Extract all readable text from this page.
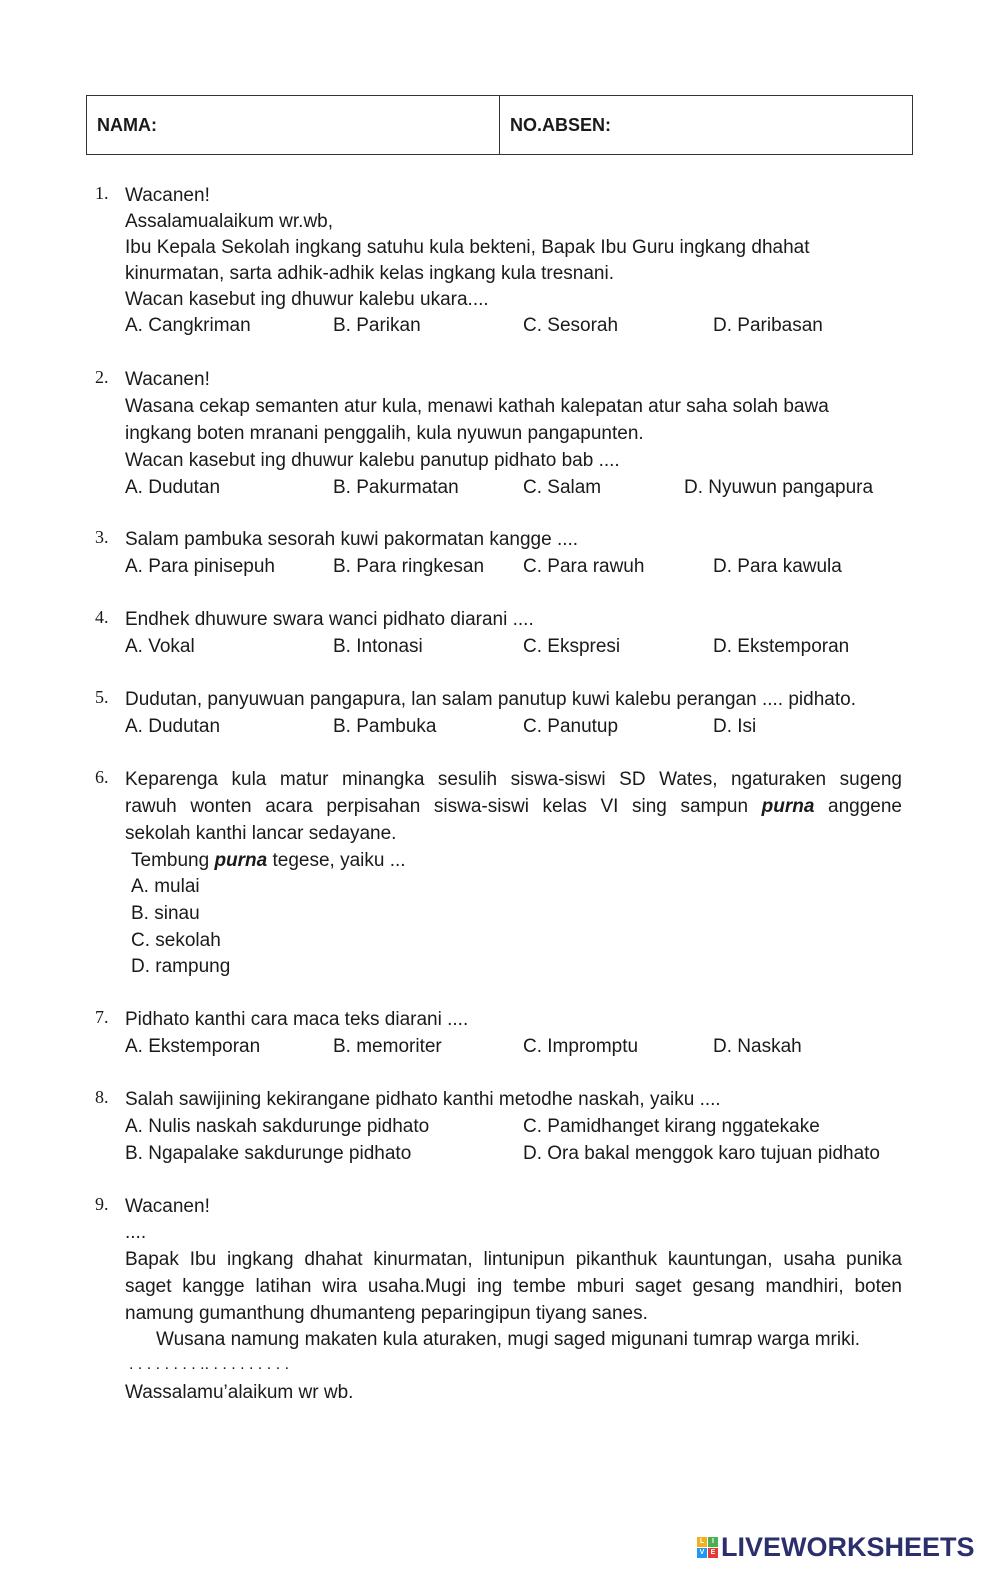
NAMA:	NO.ABSEN:
1. Wacanen!
Assalamualaikum wr.wb,
Ibu Kepala Sekolah ingkang satuhu kula bekteni, Bapak Ibu Guru ingkang dhahat
kinurmatan, sarta adhik-adhik kelas ingkang kula tresnani.
Wacan kasebut ing dhuwur kalebu ukara....
A. Cangkriman	B. Parikan	C. Sesorah	D. Paribasan
2. Wacanen!
Wasana cekap semanten atur kula, menawi kathah kalepatan atur saha solah bawa
ingkang boten mranani penggalih, kula nyuwun pangapunten.
Wacan kasebut ing dhuwur kalebu panutup pidhato bab ....
A. Dudutan	B. Pakurmatan	C. Salam	D. Nyuwun pangapura
3. Salam pambuka sesorah kuwi pakormatan kangge ....
A. Para pinisepuh	B. Para ringkesan C. Para rawuh	D. Para kawula
4. Endhek dhuwure swara wanci pidhato diarani ....
A. Vokal	B. Intonasi	C. Ekspresi	D. Ekstemporan
5. Dudutan, panyuwuan pangapura, lan salam panutup kuwi kalebu perangan .... pidhato.
A. Dudutan	B. Pambuka	C. Panutup	D. Isi
6. Keparenga kula matur minangka sesulih siswa-siswi SD Wates, ngaturaken sugeng
rawuh wonten acara perpisahan siswa-siswi kelas VI sing sampun purna anggene
sekolah kanthi lancar sedayane.
Tembung purna tegese, yaiku ...
A. mulai
B. sinau
C. sekolah
D. rampung
7. Pidhato kanthi cara maca teks diarani ....
A. Ekstemporan	B. memoriter	C. Impromptu	D. Naskah
8. Salah sawijining kekirangane pidhato kanthi metodhe naskah, yaiku ....
A. Nulis naskah sakdurunge pidhato	C. Pamidhanget kirang nggatekake
B. Ngapalake sakdurunge pidhato	D. Ora bakal menggok karo tujuan pidhato
9. Wacanen!
....
Bapak Ibu ingkang dhahat kinurmatan, lintunipun pikanthuk kauntungan, usaha punika
saget kangge latihan wira usaha.Mugi ing tembe mburi saget gesang mandhiri, boten
namung gumanthung dhumanteng peparingipun tiyang sanes.
Wusana namung makaten kula aturaken, mugi saged migunani tumrap warga mriki.
. . . . . . . . .. . . . . . . . . .
Wassalamu’alaikum wr wb.
L	I
V E LIVEWORKSHEETS
